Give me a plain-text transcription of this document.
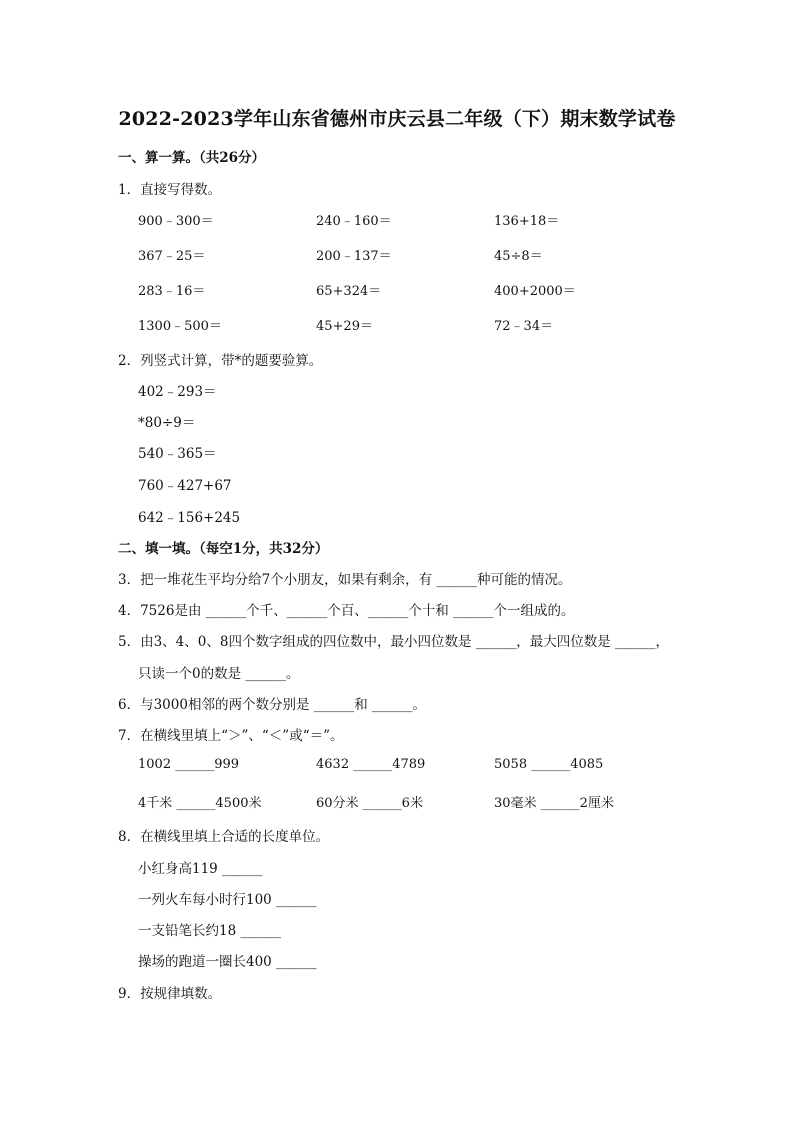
2022-2023学年山东省德州市庆云县二年级（下）期末数学试卷
一、算一算。（共26分）
1．直接写得数。
900﹣300＝	240﹣160＝	136+18＝
367﹣25＝	200﹣137＝	45÷8＝
283﹣16＝	65+324＝	400+2000＝
1300﹣500＝	45+29＝	72﹣34＝
2．列竖式计算，带*的题要验算。
402﹣293＝
*80÷9＝
540﹣365＝
760﹣427+67
642﹣156+245
二、填一填。（每空1分，共32分）
3．把一堆花生平均分给7个小朋友，如果有剩余，有 ______种可能的情况。
4．7526是由 ______个千、______个百、______个十和 ______个一组成的。
5．由3、4、0、8四个数字组成的四位数中，最小四位数是 ______，最大四位数是 ______，
只读一个0的数是 ______。
6．与3000相邻的两个数分别是 ______和 ______。
7．在横线里填上“＞”、“＜”或“＝”。
1002 ______999	4632 ______4789	5058 ______4085
4千米 ______4500米	60分米 ______6米	30毫米 ______2厘米
8．在横线里填上合适的长度单位。
小红身高119 ______
一列火车每小时行100 ______
一支铅笔长约18 ______
操场的跑道一圈长400 ______
9．按规律填数。
